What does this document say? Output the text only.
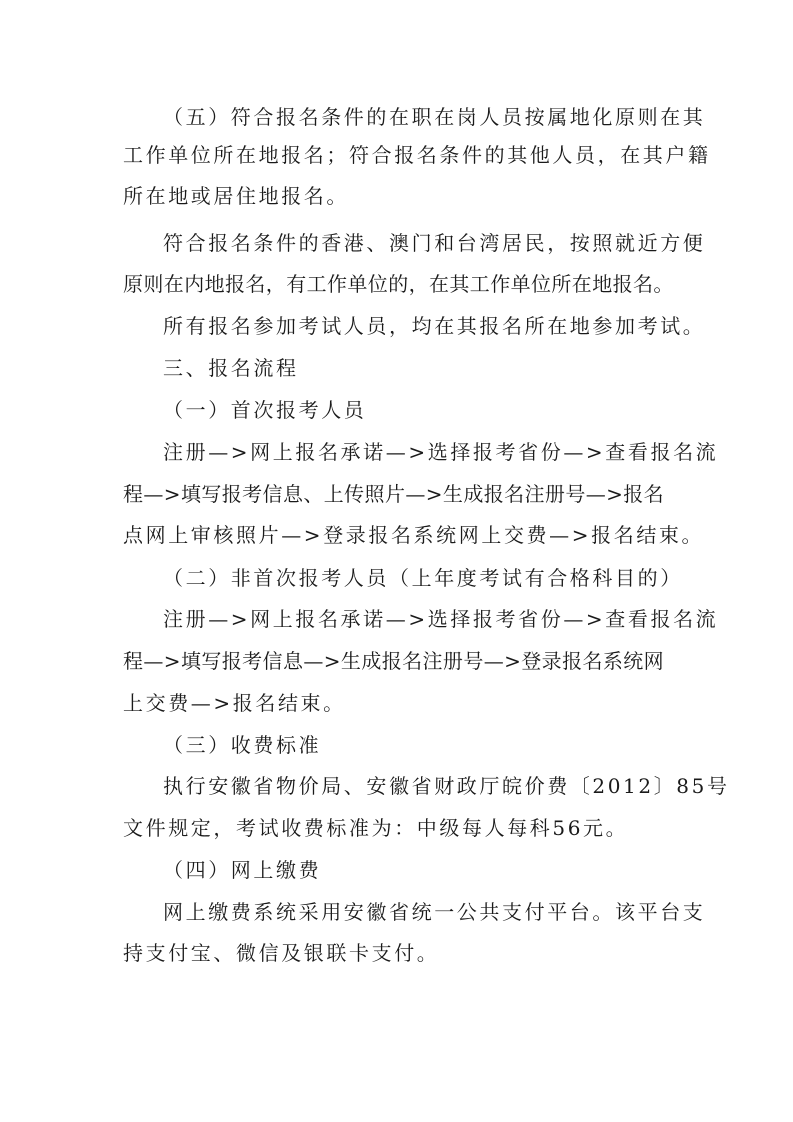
（五）符合报名条件的在职在岗人员按属地化原则在其

工作单位所在地报名；符合报名条件的其他人员，在其户籍

所在地或居住地报名。

符合报名条件的香港、澳门和台湾居民，按照就近方便

原则在内地报名，有工作单位的，在其工作单位所在地报名。

所有报名参加考试人员，均在其报名所在地参加考试。

三、报名流程

（一）首次报考人员

注册—>网上报名承诺—>选择报考省份—>查看报名流

程—>填写报考信息、上传照片—>生成报名注册号—>报名

点网上审核照片—>登录报名系统网上交费—>报名结束。

（二）非首次报考人员（上年度考试有合格科目的）

注册—>网上报名承诺—>选择报考省份—>查看报名流

程—>填写报考信息—>生成报名注册号—>登录报名系统网

上交费—>报名结束。

（三）收费标准

执行安徽省物价局、安徽省财政厅皖价费〔2012〕85号

文件规定，考试收费标准为：中级每人每科56元。

（四）网上缴费

网上缴费系统采用安徽省统一公共支付平台。该平台支

持支付宝、微信及银联卡支付。
